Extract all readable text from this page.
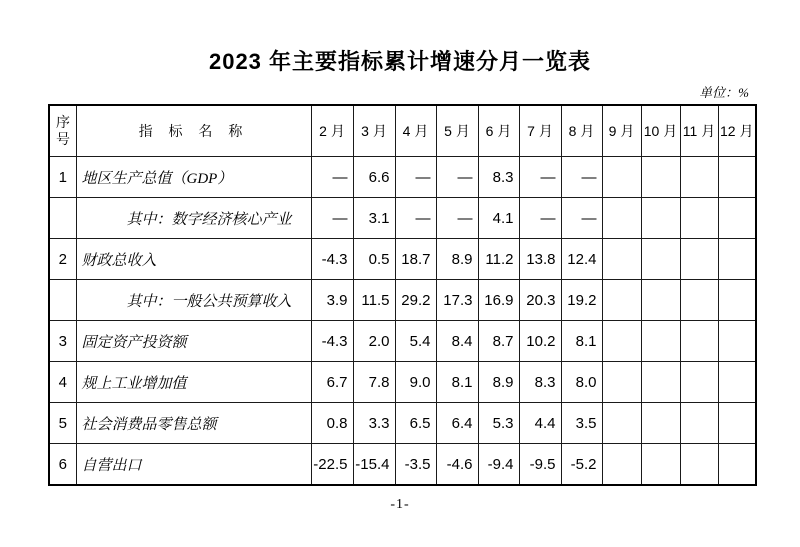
2023 年主要指标累计增速分月一览表
单位：%
序号	指 标 名 称	2 月	3 月	4 月	5 月	6 月	7 月	8 月	9 月	10 月	11 月	12 月
1	地区生产总值（GDP）	—	6.6	—	—	8.3	—	—				
	其中：数字经济核心产业	—	3.1	—	—	4.1	—	—				
2	财政总收入	-4.3	0.5	18.7	8.9	11.2	13.8	12.4				
	其中：一般公共预算收入	3.9	11.5	29.2	17.3	16.9	20.3	19.2				
3	固定资产投资额	-4.3	2.0	5.4	8.4	8.7	10.2	8.1				
4	规上工业增加值	6.7	7.8	9.0	8.1	8.9	8.3	8.0				
5	社会消费品零售总额	0.8	3.3	6.5	6.4	5.3	4.4	3.5				
6	自营出口	-22.5	-15.4	-3.5	-4.6	-9.4	-9.5	-5.2				
-1-
